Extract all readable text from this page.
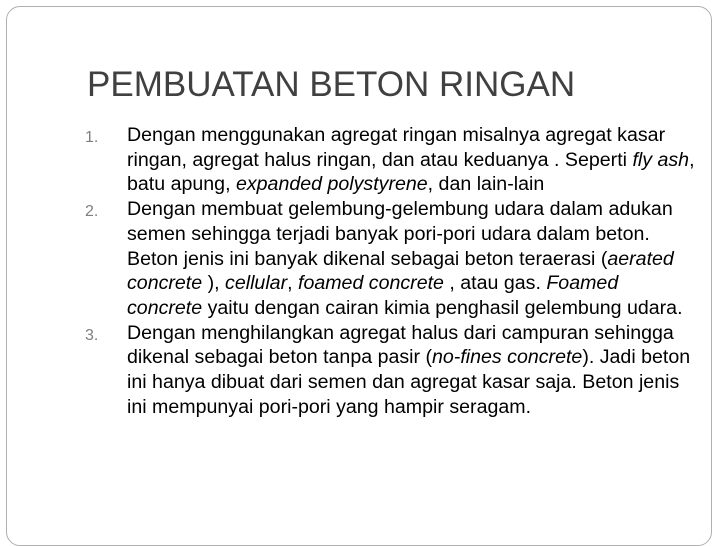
PEMBUATAN BETON RINGAN
1. Dengan menggunakan agregat ringan misalnya agregat kasar ringan, agregat halus ringan, dan atau keduanya . Seperti fly ash, batu apung, expanded polystyrene, dan lain-lain
2. Dengan membuat gelembung-gelembung udara dalam adukan semen sehingga terjadi banyak pori-pori udara dalam beton. Beton jenis ini banyak dikenal sebagai beton teraerasi (aerated concrete ), cellular, foamed concrete , atau gas. Foamed concrete yaitu dengan cairan kimia penghasil gelembung udara.
3. Dengan menghilangkan agregat halus dari campuran sehingga dikenal sebagai beton tanpa pasir (no-fines concrete). Jadi beton ini hanya dibuat dari semen dan agregat kasar saja. Beton jenis ini mempunyai pori-pori yang hampir seragam.
